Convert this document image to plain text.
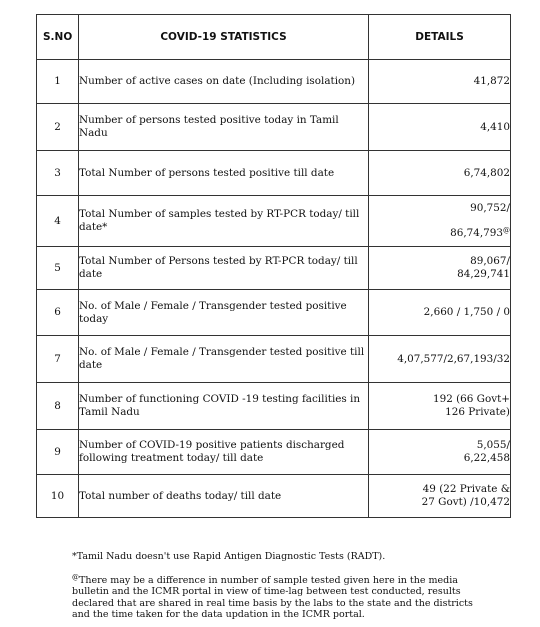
S.NO	COVID-19 STATISTICS	DETAILS
1	Number of active cases on date (Including isolation)	41,872
2	Number of persons tested positive today in Tamil Nadu	4,410
3	Total Number of persons tested positive till date	6,74,802
4	Total Number of samples tested by RT-PCR today/ till date*	90,752/
86,74,793@

5	Total Number of Persons tested by RT-PCR today/ till date	89,067/
84,29,741

6	No. of Male / Female / Transgender tested positive today	2,660 / 1,750 / 0
7	No. of Male / Female / Transgender tested positive till date	4,07,577/2,67,193/32
8	Number of functioning COVID -19 testing facilities in Tamil Nadu	192 (66 Govt+
126 Private)

9	Number of COVID-19 positive patients discharged following treatment today/ till date	5,055/
6,22,458

10	Total number of deaths today/ till date	49 (22 Private &
27 Govt) /10,472

*Tamil Nadu doesn't use Rapid Antigen Diagnostic Tests (RADT).

@There may be a difference in number of sample tested given here in the media bulletin and the ICMR portal in view of time-lag between test conducted, results declared that are shared in real time basis by the labs to the state and the districts and the time taken for the data updation in the ICMR portal.
